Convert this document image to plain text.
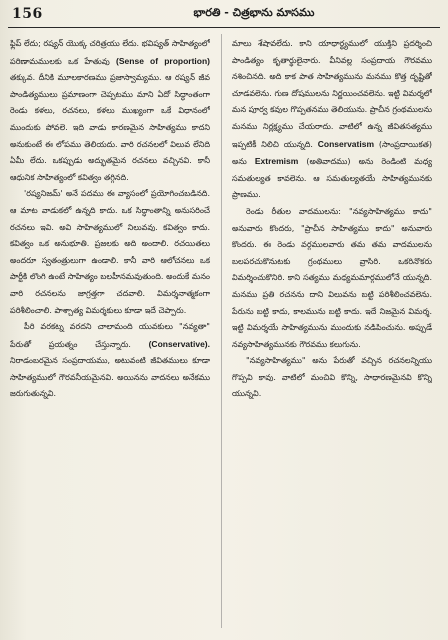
156	భారతి - చిత్రభాను మాసము

ఫ్లిప్ లేదు; రష్యన్ యొక్క చరిత్రయు లేదు. భవిష్యత్ సాహిత్యంలో పరిణామములకు ఒక హేతువు (Sense of proportion) తక్కువ. దీనికి మూలకారణము ప్రజాస్వామ్యము. ఆ రష్యన్ జీవ పాండిత్యములు ప్రమాణంగా చెప్పటము మాని ఏదో సిద్ధాంతంగా రెండు కళలు, రచనలు, కళలు ముఖ్యంగా ఒకే విధానంలో ముందుకు పోవలె. ఇది వాడు కారణమైన సాహిత్యము కాదని అనుకుంటే ఈ లోపము తెలియదు. వారి రచనలలో విలువ లేనిది ఏమీ లేదు. ఒకప్పుడు అద్భుతమైన రచనలు వచ్చినవి. కానీ ఆధునిక సాహిత్యంలో కవిత్వం తగ్గినది.

'రష్యనిజమ్' అనే పదము ఈ వ్యాసంలో ప్రయోగించబడినది. ఆ మాట వాడుకలో ఉన్నది కాదు. ఒక సిద్ధాంతాన్ని అనుసరించే రచనలు ఇవి. అవి సాహిత్యములో నిలువవు. కవిత్వం కాదు. కవిత్వం ఒక అనుభూతి. ప్రజలకు అది అందాలి. రచయితలు అందరూ స్వతంత్రులుగా ఉండాలి. కానీ వారి ఆలోచనలు ఒక పార్టీకి లొంగి ఉంటే సాహిత్యం బలహీనమవుతుంది. అందుకే మనం వారి రచనలను జాగ్రత్తగా చదవాలి. విమర్శనాత్మకంగా పరిశీలించాలి. పాశ్చాత్య విమర్శకులు కూడా ఇదే చెప్పారు.

పీరి వరకట్న వరదని చాలామంది యువకులు "నవ్యతా" పేరుతో ప్రయత్నం చేస్తున్నారు. (Conservative). నిరాడంబరమైన సంప్రదాయము, అటువంటి జీవితములు కూడా సాహిత్యములో గౌరవనీయమైనవి. అయినను వాదనలు అనేకము జరుగుతున్నవి.

మాలు శేషావలేదు. కాని యాధార్థ్యములో యుక్తిని ప్రదర్శించి పాండిత్యం కృతార్థులైనారు. వీనివల్ల సంప్రదాయ గౌరవము నశించినది. అది కాక పాత సాహిత్యమును మనము కొత్త దృష్టితో చూడవలెను. గుణ దోషములను నిర్ణయించవలెను. ఇట్టి విమర్శలో మన పూర్వ కవుల గొప్పతనము తెలియును. ప్రాచీన గ్రంథములను మనము నిర్లక్ష్యము చేయరాదు. వాటిలో ఉన్న జీవితసత్యము ఇప్పటికీ నిలిచి యున్నది. Conservatism (సాంప్రదాయికత) అను Extremism (అతివాదము) అను రెండింటి మధ్య సమతుల్యత కావలెను. ఆ సమతుల్యతయే సాహిత్యమునకు ప్రాణము.

రెండు రీతుల వాదములను: "నవ్యసాహిత్యము కాదు" అనువారు కొందరు, "ప్రాచీన సాహిత్యము కాదు" అనువారు కొందరు. ఈ రెండు వర్గములవారు తమ తమ వాదములను బలపరచుకొనుటకు గ్రంథములు వ్రాసిరి. ఒకరినొకరు విమర్శించుకొనిరి. కాని సత్యము మధ్యమమార్గములోనే యున్నది. మనము ప్రతి రచనను దాని విలువను బట్టి పరిశీలించవలెను. పేరును బట్టి కాదు, కాలమును బట్టి కాదు. ఇదే నిజమైన విమర్శ. ఇట్టి విమర్శయే సాహిత్యమును ముందుకు నడిపించును. అప్పుడే నవ్యసాహిత్యమునకు గౌరవము కలుగును.

"నవ్యసాహిత్యము" అను పేరుతో వచ్చిన రచనలన్నియు గొప్పవి కావు. వాటిలో మంచివి కొన్ని, సాధారణమైనవి కొన్ని యున్నవి.
